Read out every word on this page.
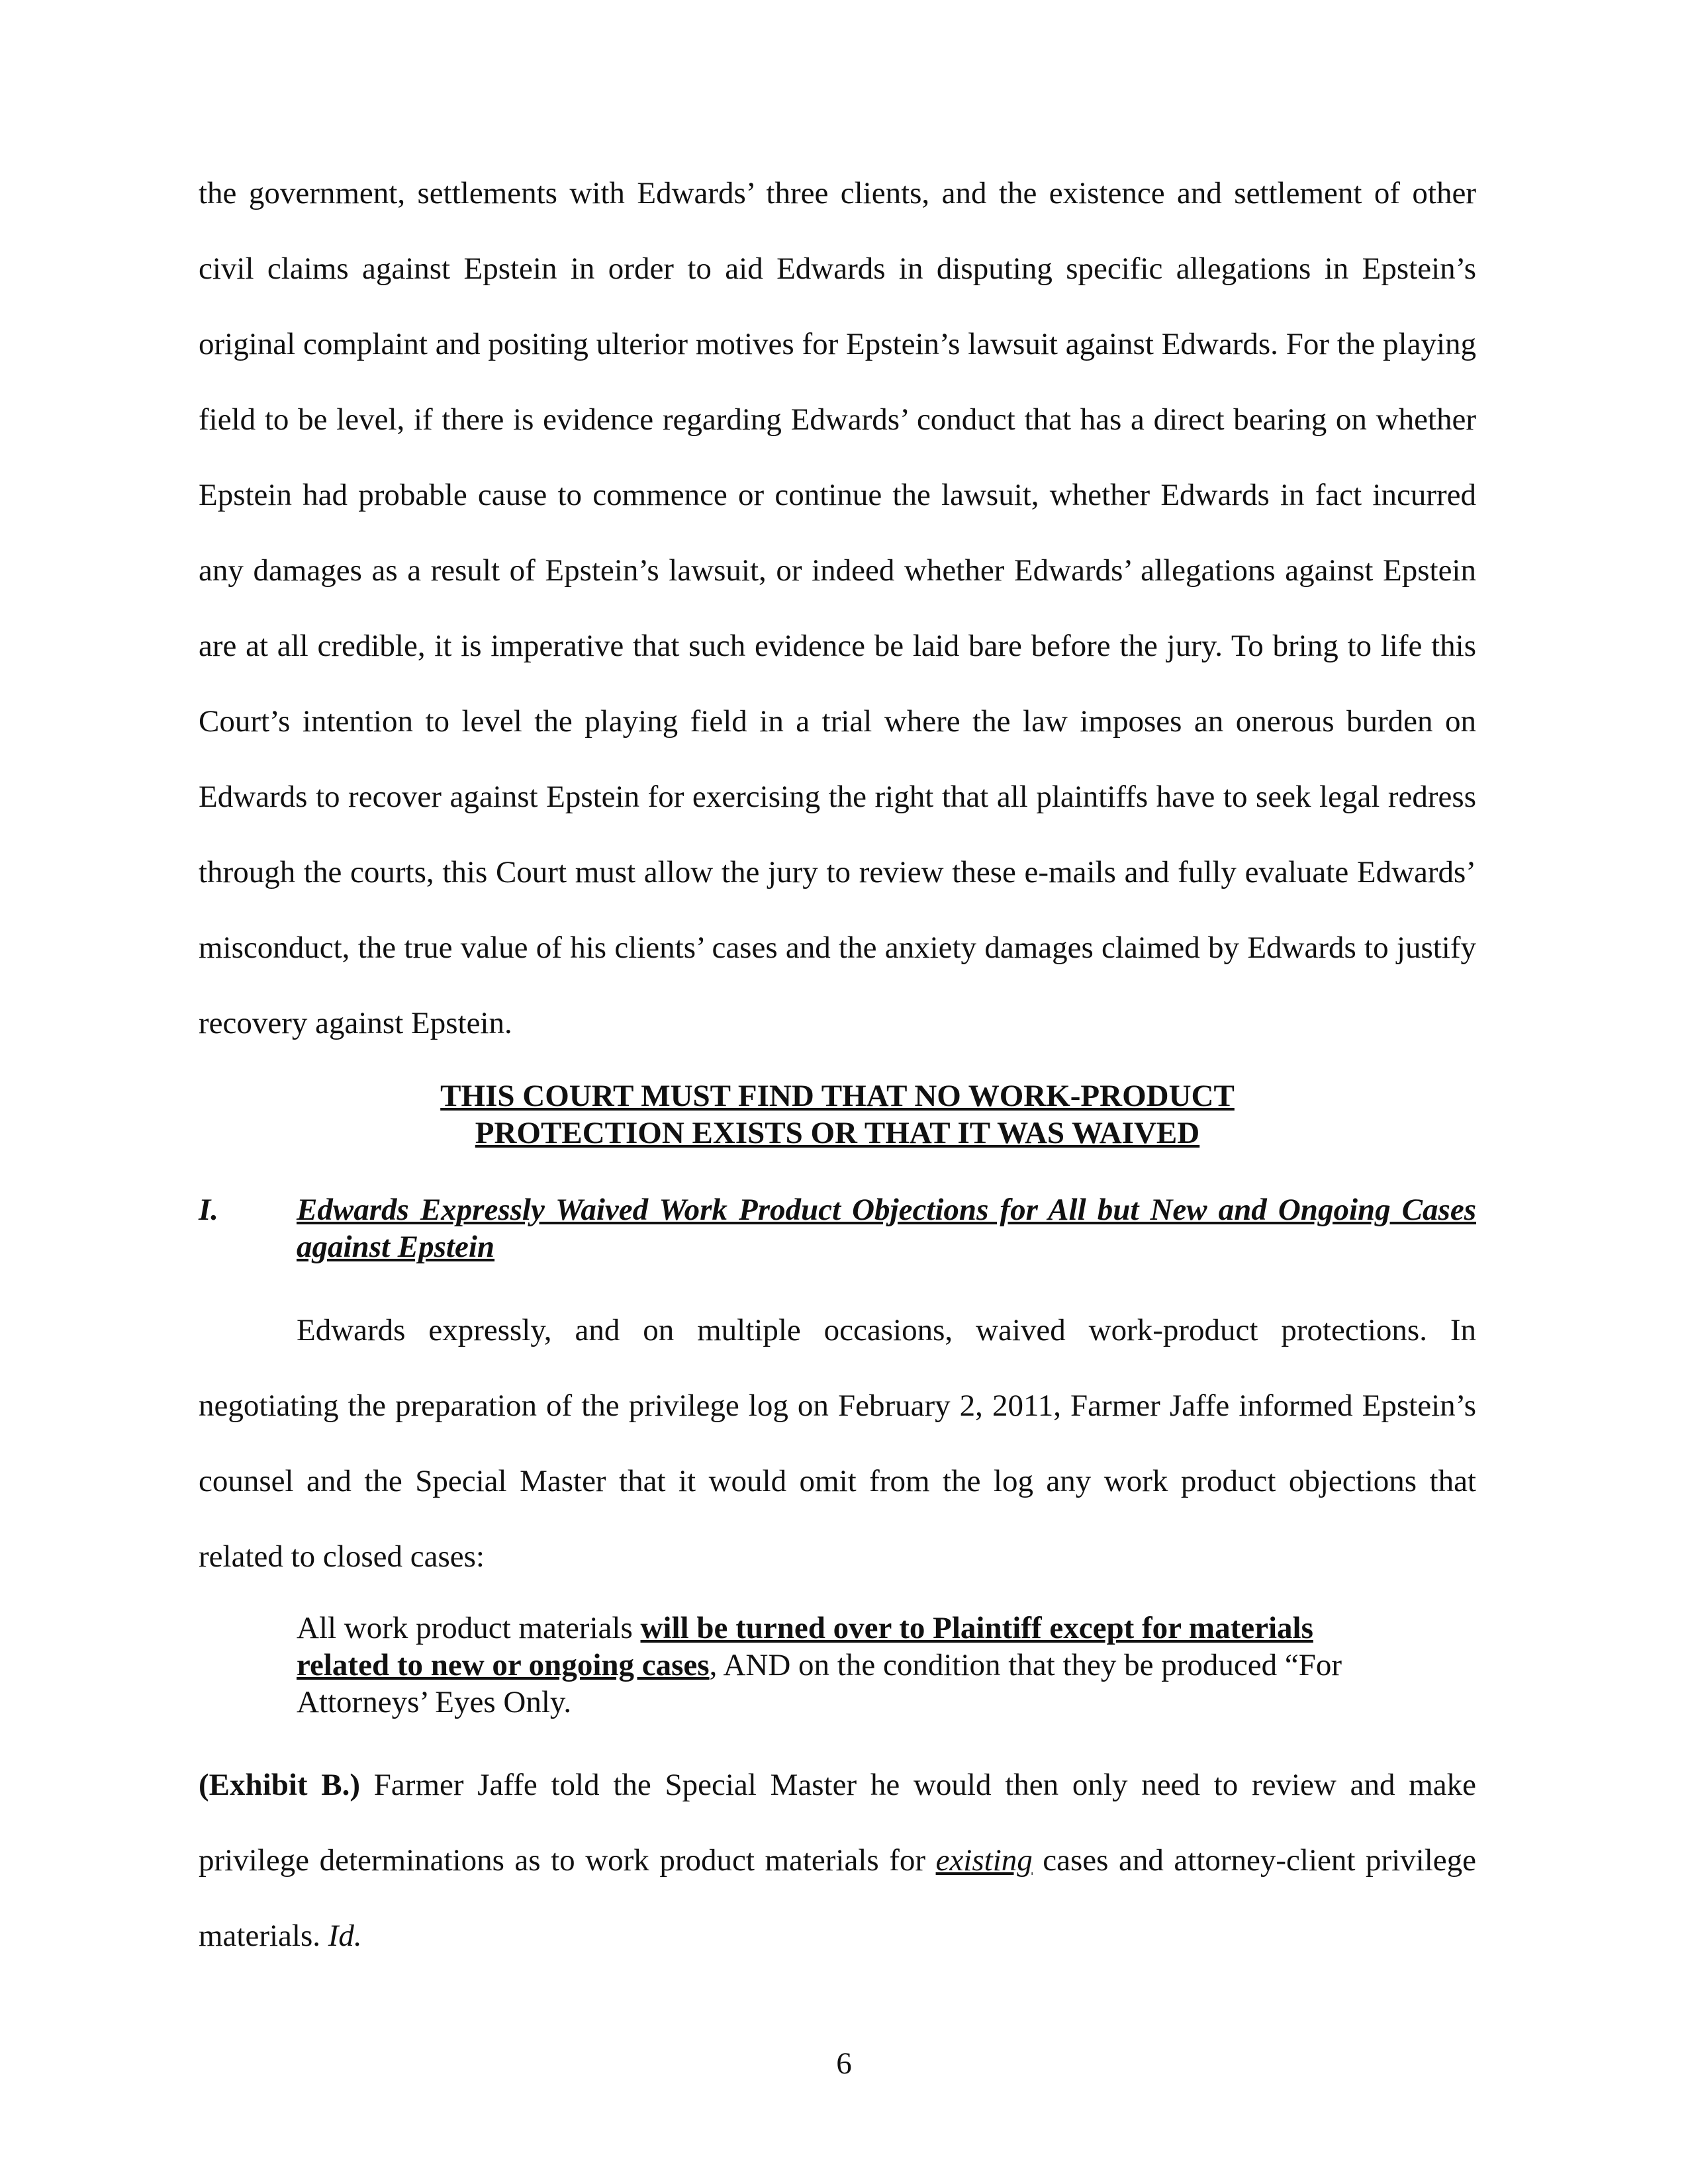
the government, settlements with Edwards’ three clients, and the existence and settlement of other civil claims against Epstein in order to aid Edwards in disputing specific allegations in Epstein’s original complaint and positing ulterior motives for Epstein’s lawsuit against Edwards. For the playing field to be level, if there is evidence regarding Edwards’ conduct that has a direct bearing on whether Epstein had probable cause to commence or continue the lawsuit, whether Edwards in fact incurred any damages as a result of Epstein’s lawsuit, or indeed whether Edwards’ allegations against Epstein are at all credible, it is imperative that such evidence be laid bare before the jury. To bring to life this Court’s intention to level the playing field in a trial where the law imposes an onerous burden on Edwards to recover against Epstein for exercising the right that all plaintiffs have to seek legal redress through the courts, this Court must allow the jury to review these e-mails and fully evaluate Edwards’ misconduct, the true value of his clients’ cases and the anxiety damages claimed by Edwards to justify recovery against Epstein.

THIS COURT MUST FIND THAT NO WORK-PRODUCT
PROTECTION EXISTS OR THAT IT WAS WAIVED
I.	Edwards Expressly Waived Work Product Objections for All but New and Ongoing Cases against Epstein

Edwards expressly, and on multiple occasions, waived work-product protections. In negotiating the preparation of the privilege log on February 2, 2011, Farmer Jaffe informed Epstein’s counsel and the Special Master that it would omit from the log any work product objections that related to closed cases:

All work product materials will be turned over to Plaintiff except for materials related to new or ongoing cases, AND on the condition that they be produced “For Attorneys’ Eyes Only.

(Exhibit B.) Farmer Jaffe told the Special Master he would then only need to review and make privilege determinations as to work product materials for existing cases and attorney-client privilege materials. Id.

6
